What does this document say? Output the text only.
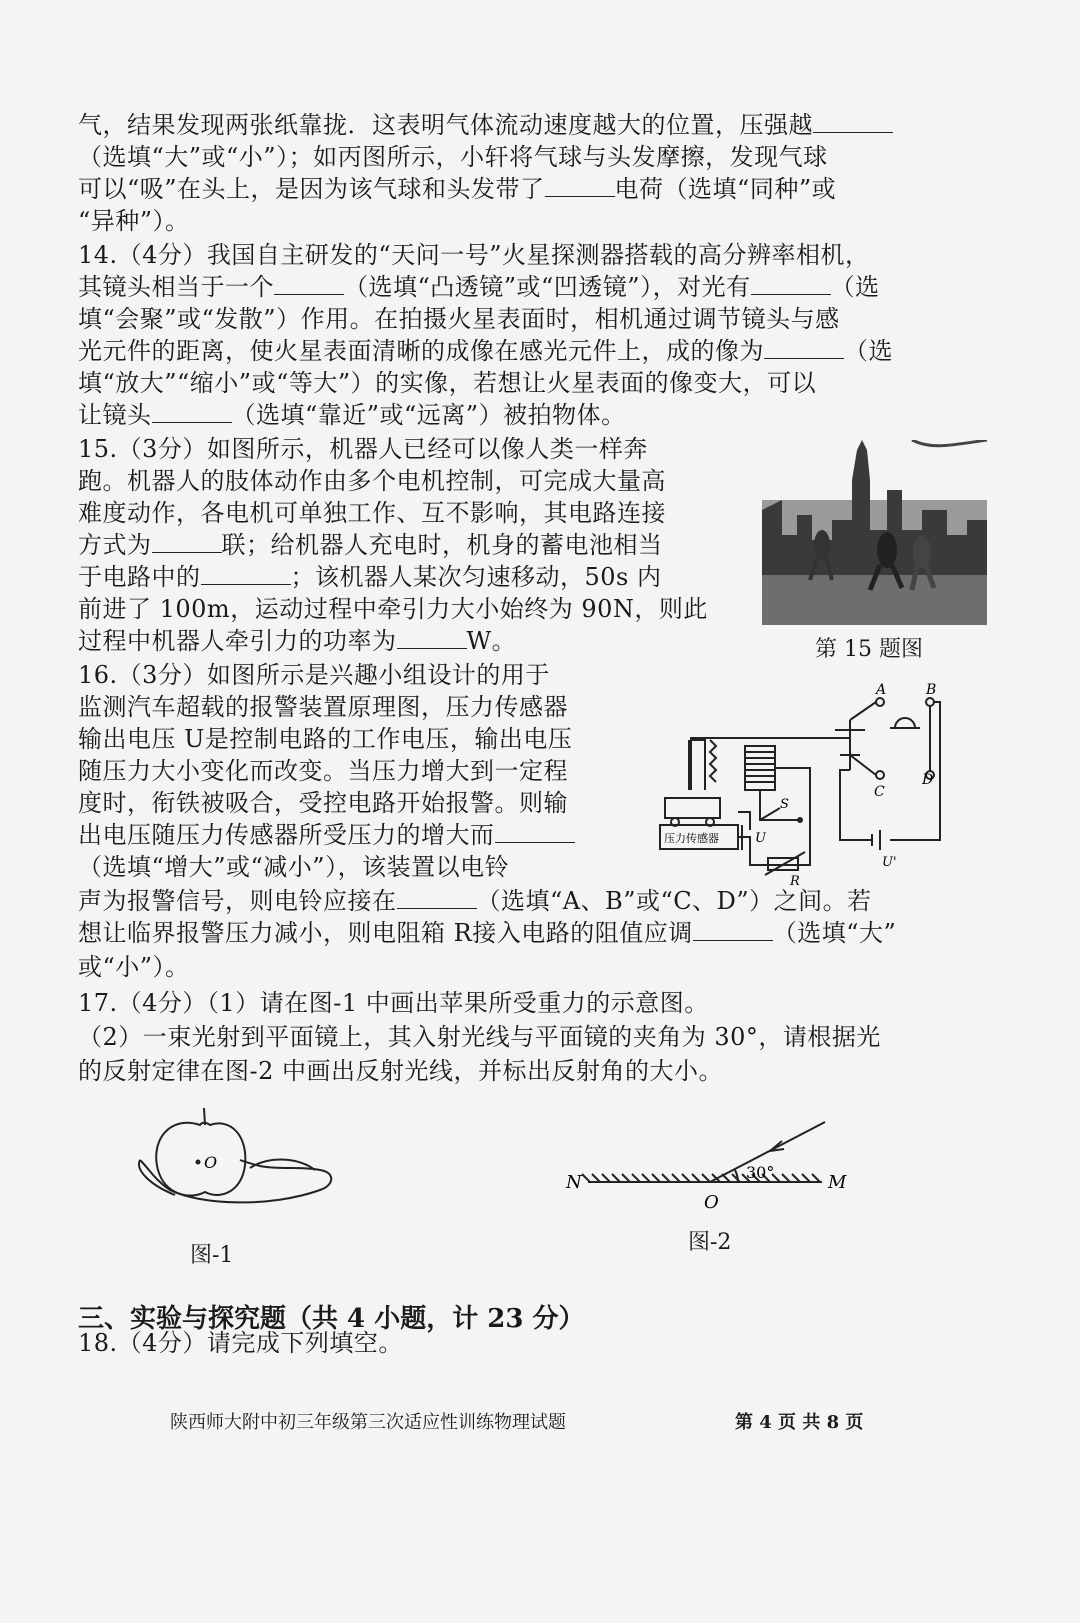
气，结果发现两张纸靠拢．这表明气体流动速度越大的位置，压强越
（选填“大”或“小”）；如丙图所示，小轩将气球与头发摩擦，发现气球
可以“吸”在头上，是因为该气球和头发带了	电荷（选填“同种”或
“异种”）。
14.（4分）我国自主研发的“天问一号”火星探测器搭载的高分辨率相机，
其镜头相当于一个	（选填“凸透镜”或“凹透镜”），对光有	（选
填“会聚”或“发散”）作用。在拍摄火星表面时，相机通过调节镜头与感
光元件的距离，使火星表面清晰的成像在感光元件上，成的像为	（选
填“放大”“缩小”或“等大”）的实像，若想让火星表面的像变大，可以
让镜头	（选填“靠近”或“远离”）被拍物体。
15.（3分）如图所示，机器人已经可以像人类一样奔
跑。机器人的肢体动作由多个电机控制，可完成大量高
难度动作，各电机可单独工作、互不影响，其电路连接
方式为	联；给机器人充电时，机身的蓄电池相当
于电路中的	；该机器人某次匀速移动，50s 内
前进了 100m，运动过程中牵引力大小始终为 90N，则此
过程中机器人牵引力的功率为	W。	第 15 题图
16.（3分）如图所示是兴趣小组设计的用于
监测汽车超载的报警装置原理图，压力传感器
输出电压 U是控制电路的工作电压，输出电压
随压力大小变化而改变。当压力增大到一定程
度时，衔铁被吸合，受控电路开始报警。则输
出电压随压力传感器所受压力的增大而
（选填“增大”或“减小”），该装置以电铃
声为报警信号，则电铃应接在	（选填“A、B”或“C、D”）之间。若
想让临界报警压力减小，则电阻箱 R接入电路的阻值应调	（选填“大”
或“小”）。
A	B
C
D
S
U
R
U'
压力传感器
17.（4分）（1）请在图-1 中画出苹果所受重力的示意图。
（2）一束光射到平面镜上，其入射光线与平面镜的夹角为 30°，请根据光
的反射定律在图-2 中画出反射光线，并标出反射角的大小。
O
图-1
N	M
O
30°
图-2
三、实验与探究题（共 4 小题，计 23 分）
18.（4分）请完成下列填空。
陕西师大附中初三年级第三次适应性训练物理试题	第 4 页 共 8 页
